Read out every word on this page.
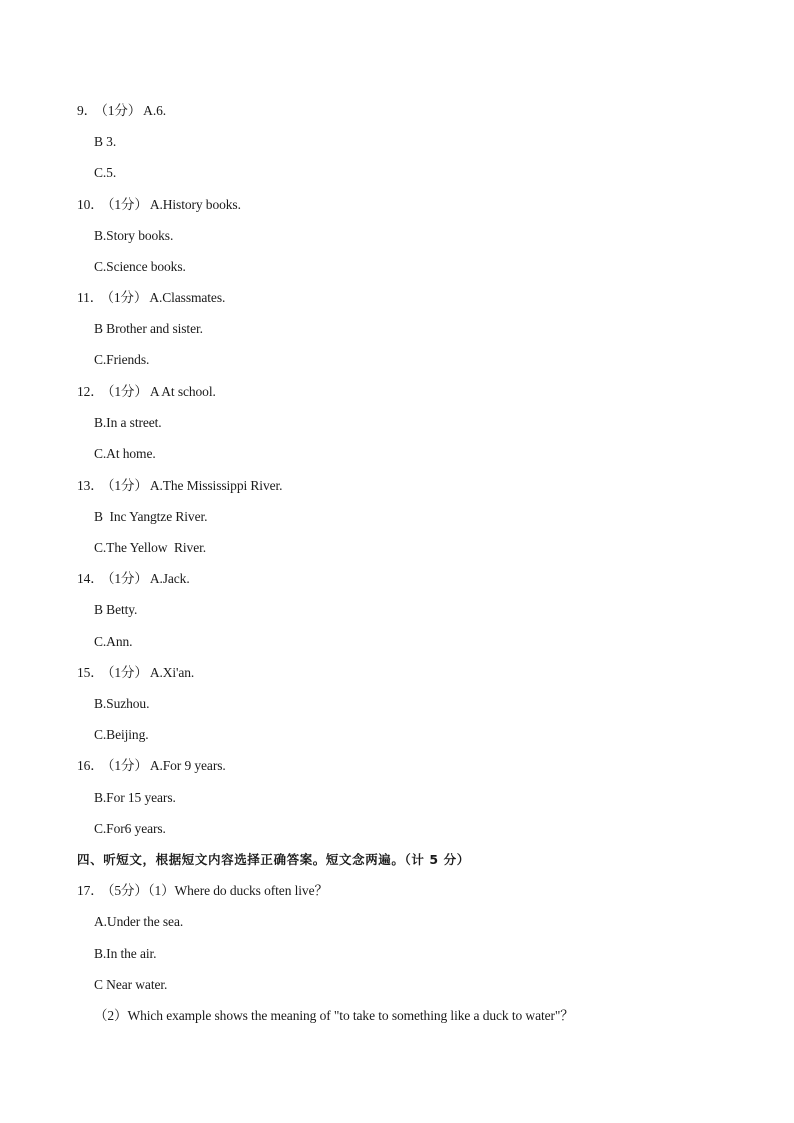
9． （1分） A.6.
B 3.
C.5.
10． （1分） A.History books.
B.Story books.
C.Science books.
11． （1分） A.Classmates.
B Brother and sister.
C.Friends.
12． （1分） A At school.
B.In a street.
C.At home.
13． （1分） A.The Mississippi River.
B  Inc Yangtze River.
C.The Yellow  River.
14． （1分） A.Jack.
B Betty.
C.Ann.
15． （1分） A.Xi'an.
B.Suzhou.
C.Beijing.
16． （1分） A.For 9 years.
B.For 15 years.
C.For6 years.
四、听短文，根据短文内容选择正确答案。短文念两遍。（计 5 分）
17． （5分）（1）Where do ducks often live？
A.Under the sea.
B.In the air.
C Near water.
（2）Which example shows the meaning of "to take to something like a duck to water"？
